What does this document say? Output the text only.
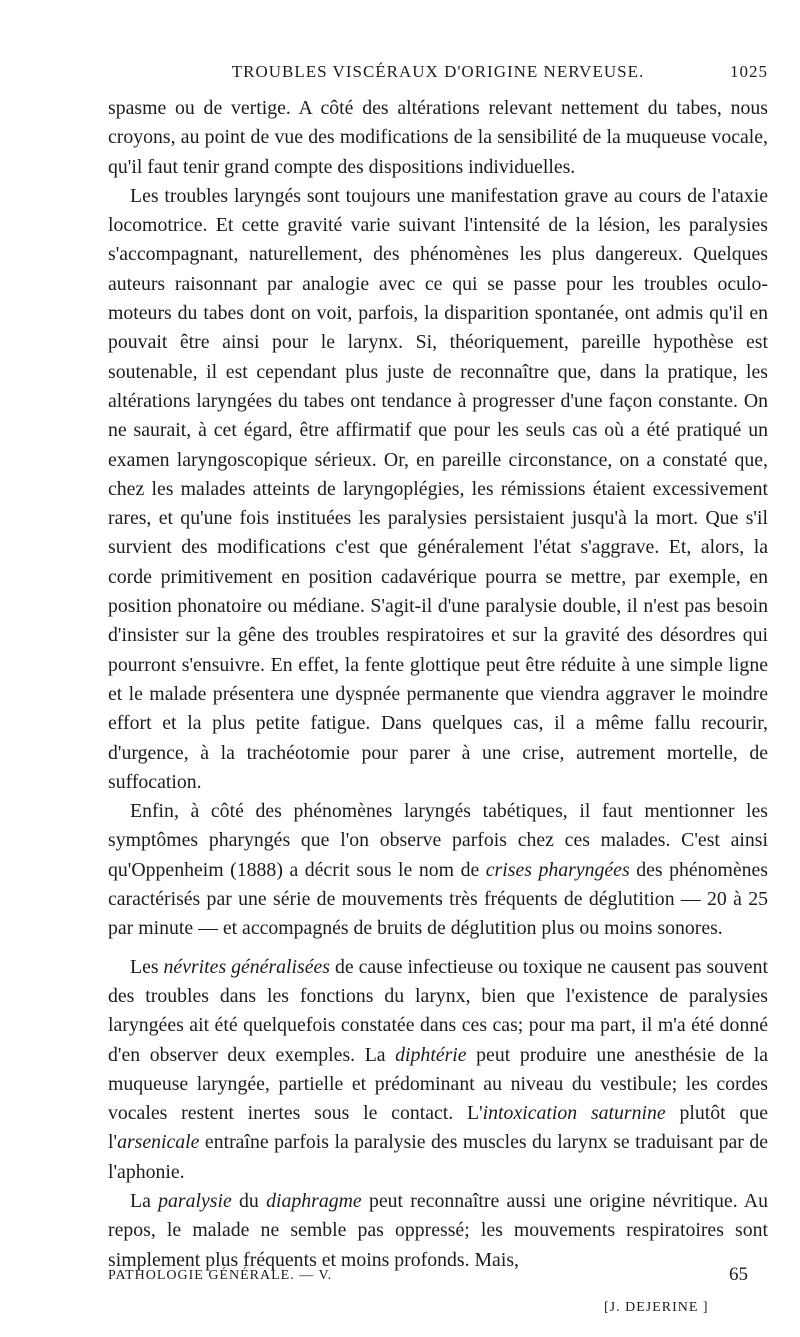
TROUBLES VISCÉRAUX D'ORIGINE NERVEUSE.	1025

spasme ou de vertige. A côté des altérations relevant nettement du tabes, nous croyons, au point de vue des modifications de la sensibilité de la muqueuse vocale, qu'il faut tenir grand compte des dispositions individuelles.

Les troubles laryngés sont toujours une manifestation grave au cours de l'ataxie locomotrice. Et cette gravité varie suivant l'intensité de la lésion, les paralysies s'accompagnant, naturellement, des phénomènes les plus dangereux. Quelques auteurs raisonnant par analogie avec ce qui se passe pour les troubles oculo-moteurs du tabes dont on voit, parfois, la disparition spontanée, ont admis qu'il en pouvait être ainsi pour le larynx. Si, théoriquement, pareille hypothèse est soutenable, il est cependant plus juste de reconnaître que, dans la pratique, les altérations laryngées du tabes ont tendance à progresser d'une façon constante. On ne saurait, à cet égard, être affirmatif que pour les seuls cas où a été pratiqué un examen laryngoscopique sérieux. Or, en pareille circonstance, on a constaté que, chez les malades atteints de laryngoplégies, les rémissions étaient excessivement rares, et qu'une fois instituées les paralysies persistaient jusqu'à la mort. Que s'il survient des modifications c'est que généralement l'état s'aggrave. Et, alors, la corde primitivement en position cadavérique pourra se mettre, par exemple, en position phonatoire ou médiane. S'agit-il d'une paralysie double, il n'est pas besoin d'insister sur la gêne des troubles respiratoires et sur la gravité des désordres qui pourront s'ensuivre. En effet, la fente glottique peut être réduite à une simple ligne et le malade présentera une dyspnée permanente que viendra aggraver le moindre effort et la plus petite fatigue. Dans quelques cas, il a même fallu recourir, d'urgence, à la trachéotomie pour parer à une crise, autrement mortelle, de suffocation.

Enfin, à côté des phénomènes laryngés tabétiques, il faut mentionner les symptômes pharyngés que l'on observe parfois chez ces malades. C'est ainsi qu'Oppenheim (1888) a décrit sous le nom de crises pharyngées des phénomènes caractérisés par une série de mouvements très fréquents de déglutition — 20 à 25 par minute — et accompagnés de bruits de déglutition plus ou moins sonores.

Les névrites généralisées de cause infectieuse ou toxique ne causent pas souvent des troubles dans les fonctions du larynx, bien que l'existence de paralysies laryngées ait été quelquefois constatée dans ces cas; pour ma part, il m'a été donné d'en observer deux exemples. La diphtérie peut produire une anesthésie de la muqueuse laryngée, partielle et prédominant au niveau du vestibule; les cordes vocales restent inertes sous le contact. L'intoxication saturnine plutôt que l'arsenicale entraîne parfois la paralysie des muscles du larynx se traduisant par de l'aphonie.

La paralysie du diaphragme peut reconnaître aussi une origine névritique. Au repos, le malade ne semble pas oppressé; les mouvements respiratoires sont simplement plus fréquents et moins profonds. Mais,

PATHOLOGIE GÉNÉRALE. — V.	65
[J. DEJERINE ]
